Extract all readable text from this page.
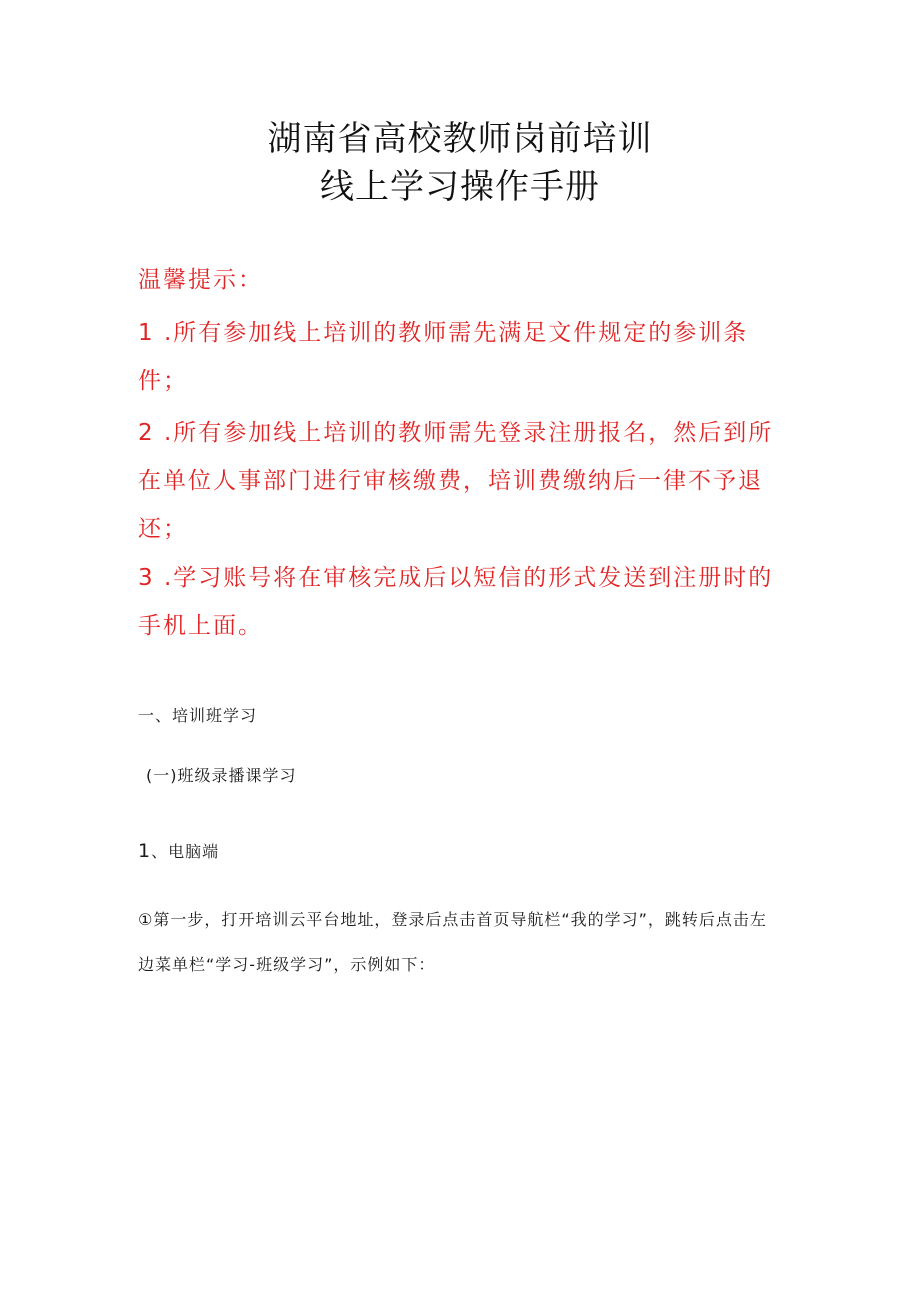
湖南省高校教师岗前培训
线上学习操作手册
温馨提示：
1 .所有参加线上培训的教师需先满足文件规定的参训条件；
2 .所有参加线上培训的教师需先登录注册报名，然后到所在单位人事部门进行审核缴费，培训费缴纳后一律不予退还；
3 .学习账号将在审核完成后以短信的形式发送到注册时的手机上面。
一、培训班学习
(一)班级录播课学习
1、电脑端
①第一步，打开培训云平台地址，登录后点击首页导航栏“我的学习”，跳转后点击左边菜单栏“学习-班级学习”，示例如下：
